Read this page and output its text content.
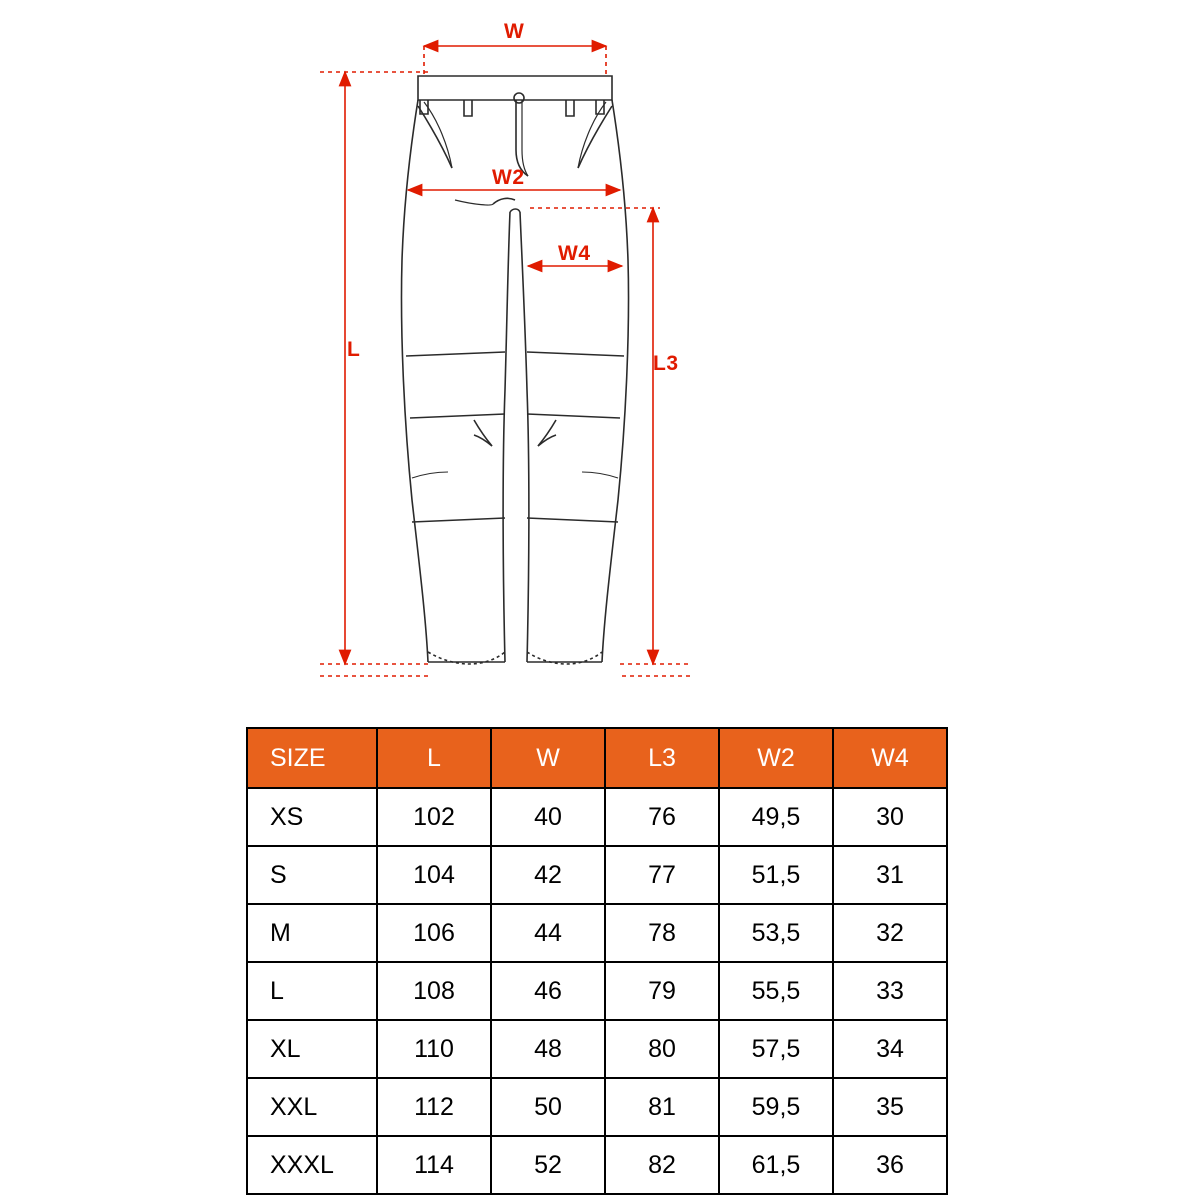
W
W2
W4
L
L3
SIZE	L	W	L3	W2	W4
XS	102	40	76	49,5	30
S	104	42	77	51,5	31
M	106	44	78	53,5	32
L	108	46	79	55,5	33
XL	110	48	80	57,5	34
XXL	112	50	81	59,5	35
XXXL	114	52	82	61,5	36
